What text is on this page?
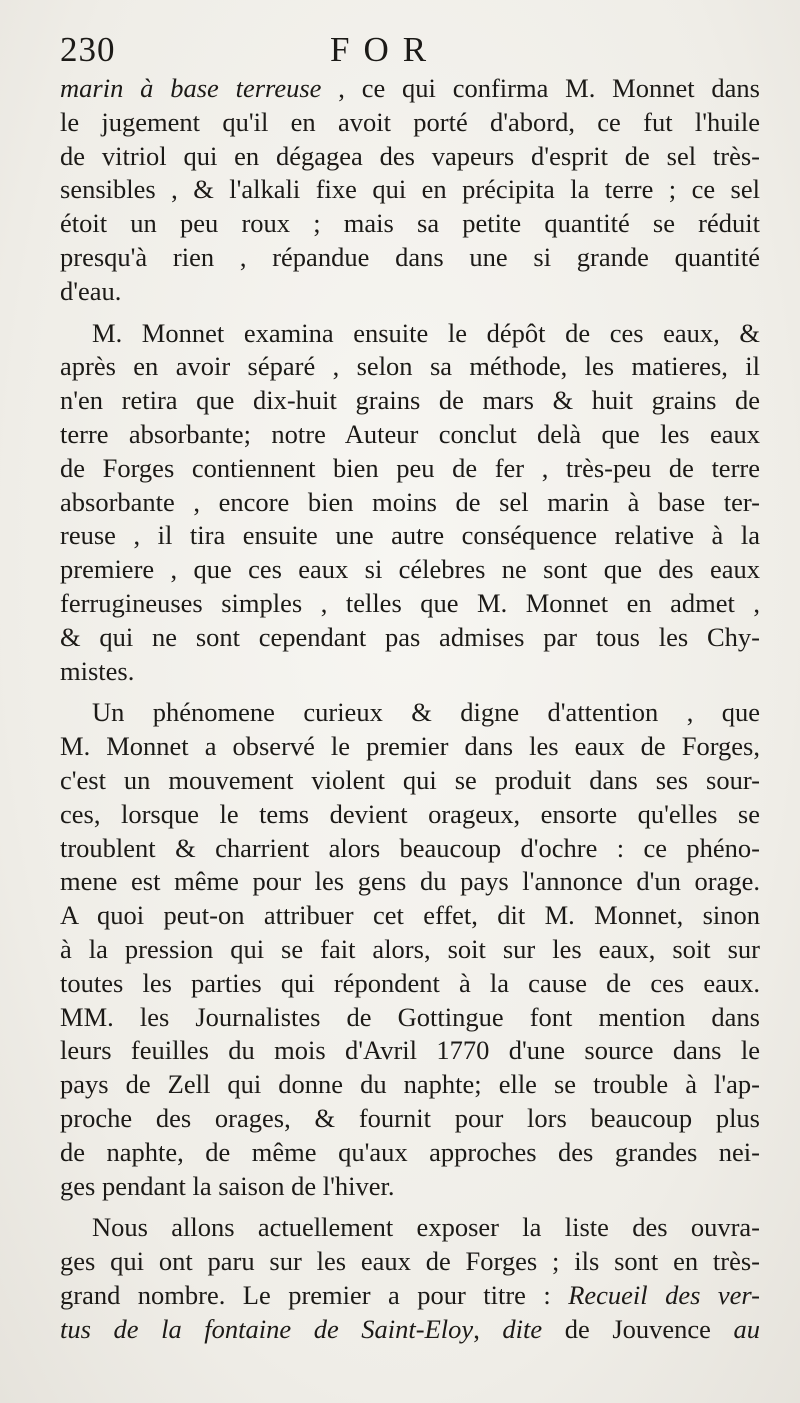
230	FOR
marin à base terreuse , ce qui confirma M. Monnet dans
le jugement qu'il en avoit porté d'abord, ce fut l'huile
de vitriol qui en dégagea des vapeurs d'esprit de sel très-
sensibles , & l'alkali fixe qui en précipita la terre ; ce sel
étoit un peu roux ; mais sa petite quantité se réduit
presqu'à rien , répandue dans une si grande quantité
d'eau.
M. Monnet examina ensuite le dépôt de ces eaux, &
après en avoir séparé , selon sa méthode, les matieres, il
n'en retira que dix-huit grains de mars & huit grains de
terre absorbante; notre Auteur conclut delà que les eaux
de Forges contiennent bien peu de fer , très-peu de terre
absorbante , encore bien moins de sel marin à base ter-
reuse , il tira ensuite une autre conséquence relative à la
premiere , que ces eaux si célebres ne sont que des eaux
ferrugineuses simples , telles que M. Monnet en admet ,
& qui ne sont cependant pas admises par tous les Chy-
mistes.
Un phénomene curieux & digne d'attention , que
M. Monnet a observé le premier dans les eaux de Forges,
c'est un mouvement violent qui se produit dans ses sour-
ces, lorsque le tems devient orageux, ensorte qu'elles se
troublent & charrient alors beaucoup d'ochre : ce phéno-
mene est même pour les gens du pays l'annonce d'un orage.
A quoi peut-on attribuer cet effet, dit M. Monnet, sinon
à la pression qui se fait alors, soit sur les eaux, soit sur
toutes les parties qui répondent à la cause de ces eaux.
MM. les Journalistes de Gottingue font mention dans
leurs feuilles du mois d'Avril 1770 d'une source dans le
pays de Zell qui donne du naphte; elle se trouble à l'ap-
proche des orages, & fournit pour lors beaucoup plus
de naphte, de même qu'aux approches des grandes nei-
ges pendant la saison de l'hiver.
Nous allons actuellement exposer la liste des ouvra-
ges qui ont paru sur les eaux de Forges ; ils sont en très-
grand nombre. Le premier a pour titre : Recueil des ver-
tus de la fontaine de Saint-Eloy, dite de Jouvence au
